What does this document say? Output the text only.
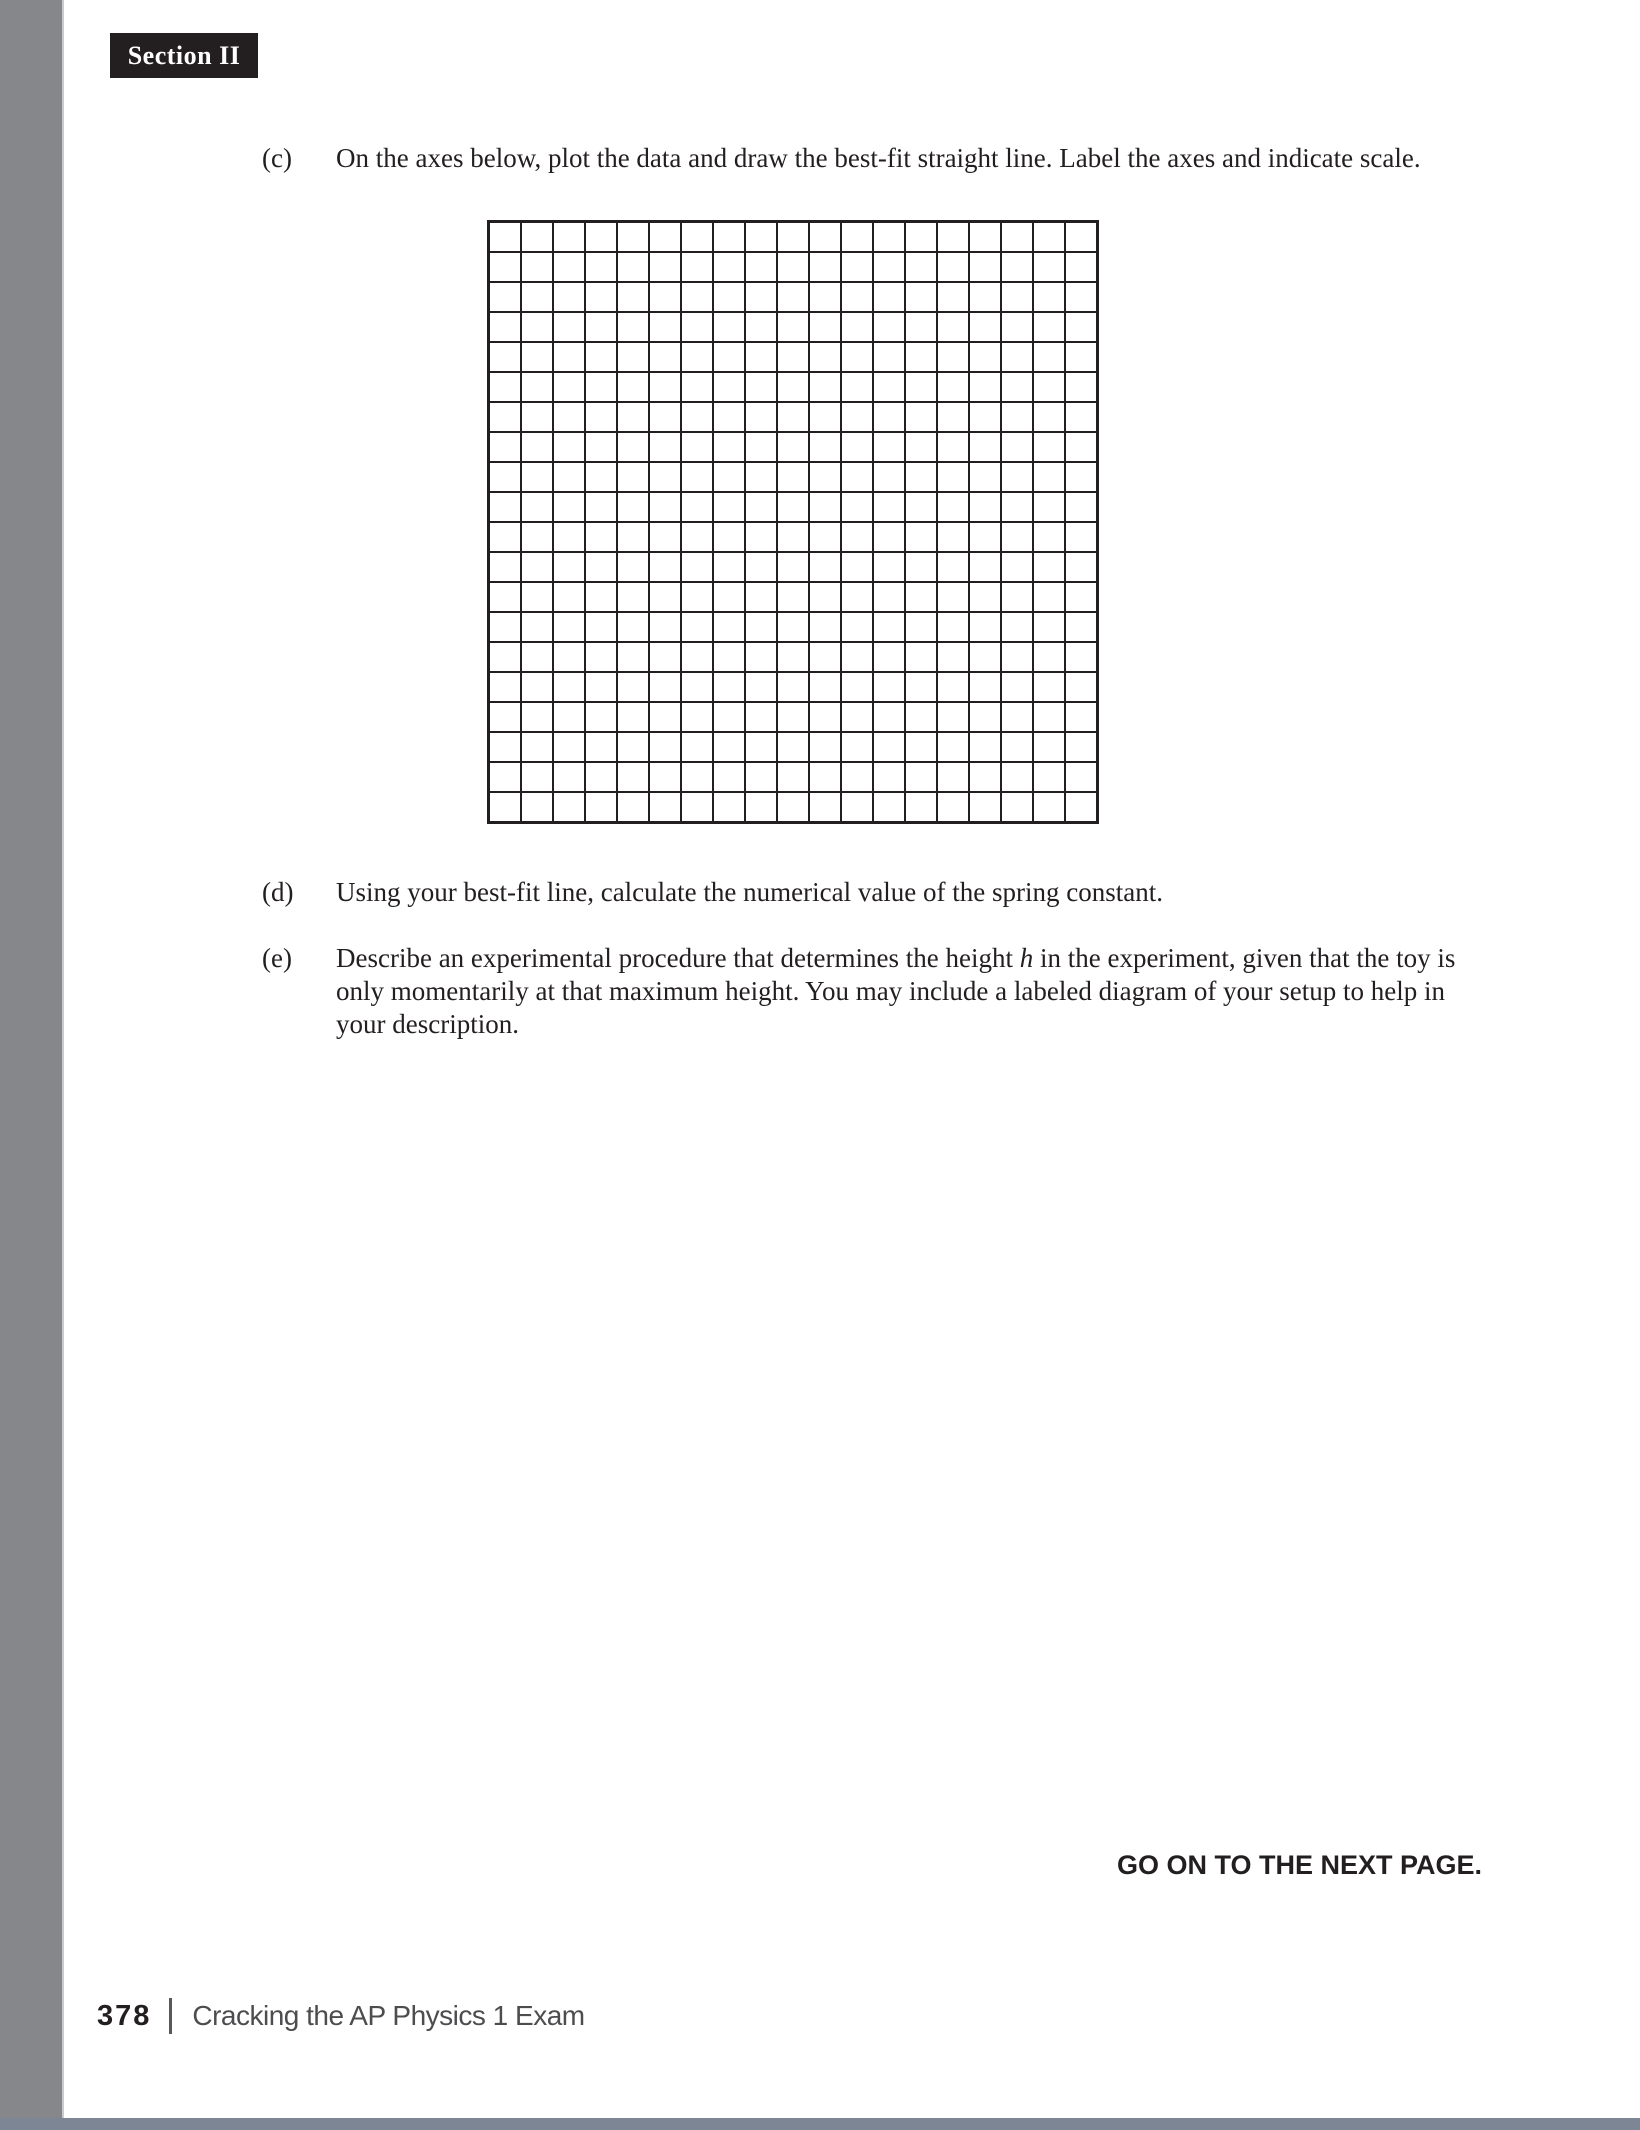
Section II
(c) On the axes below, plot the data and draw the best-fit straight line. Label the axes and indicate scale.
(d) Using your best-fit line, calculate the numerical value of the spring constant.
(e) Describe an experimental procedure that determines the height h in the experiment, given that the toy is only momentarily at that maximum height. You may include a labeled diagram of your setup to help in your description.
GO ON TO THE NEXT PAGE.
378 Cracking the AP Physics 1 Exam
